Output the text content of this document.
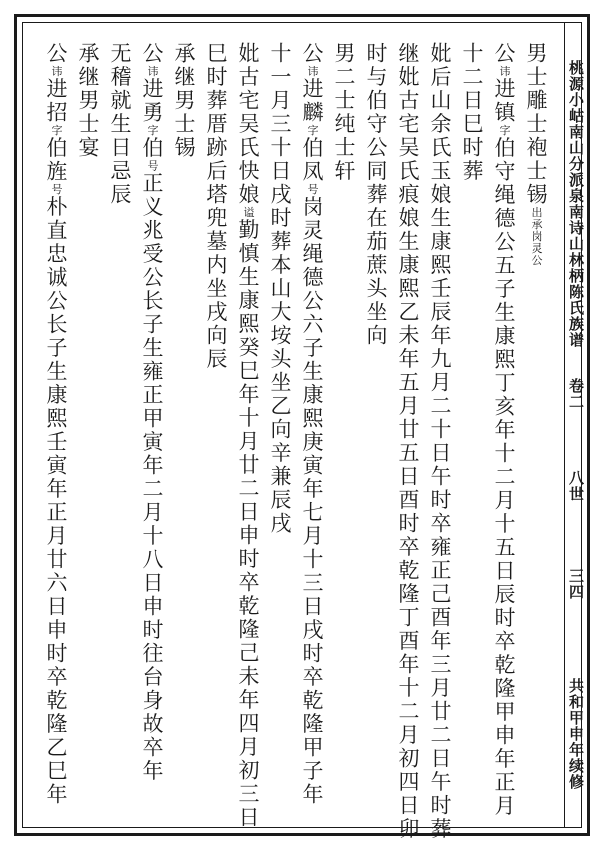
桃源小岵南山分派泉南诗山林柄陈氏族谱
卷二
八世
三四
共和甲申年续修
男士雕士袍士锡出承岗灵公
公讳进镇字伯守绳德公五子生康熙丁亥年十二月十五日辰时卒乾隆甲申年正月
十二日巳时葬
妣后山余氏玉娘生康熙壬辰年九月二十日午时卒雍正己酉年三月廿二日午时葬
继妣古宅吴氏痕娘生康熙乙未年五月廿五日酉时卒乾隆丁酉年十二月初四日卯
时与伯守公同葬在茄蔗头坐向
男二士纯士轩
公讳进麟字伯凤号岗灵绳德公六子生康熙庚寅年七月十三日戌时卒乾隆甲子年
十一月三十日戌时葬本山大垵头坐乙向辛兼辰戌
妣古宅吴氏快娘谥勤慎生康熙癸巳年十月廿二日申时卒乾隆己未年四月初三日
巳时葬厝跡后塔兜墓内坐戌向辰
承继男士锡
公讳进勇字伯号正义兆受公长子生雍正甲寅年二月十八日申时往台身故卒年
无稽就生日忌辰
承继男士宴
公讳进招字伯旌号朴直忠诚公长子生康熙壬寅年正月廿六日申时卒乾隆乙巳年
